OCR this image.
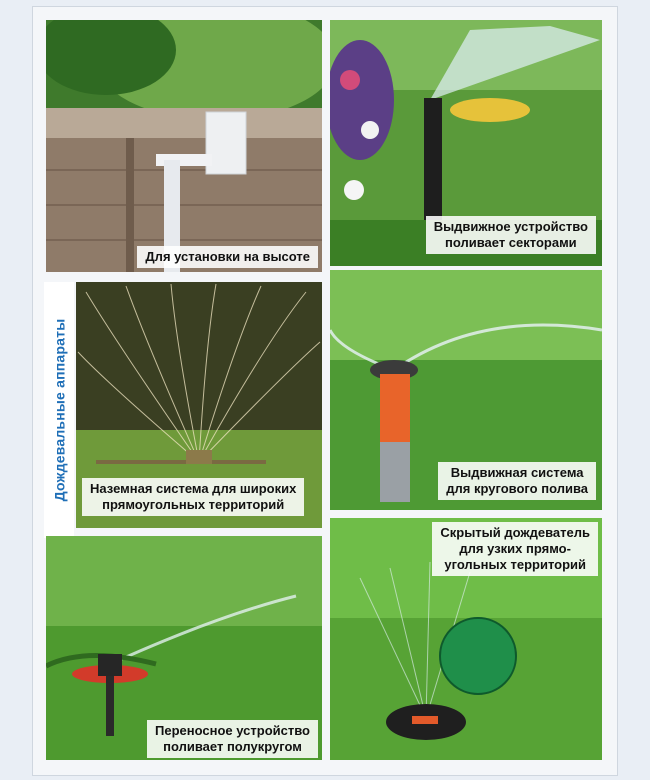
Для установки на высоте
Выдвижное устройство
поливает секторами
Дождевальные аппараты	Наземная система для широких
прямоугольных территорий
Выдвижная система
для кругового полива
Скрытый дождеватель
для узких прямо-
угольных территорий
Переносное устройство
поливает полукругом
